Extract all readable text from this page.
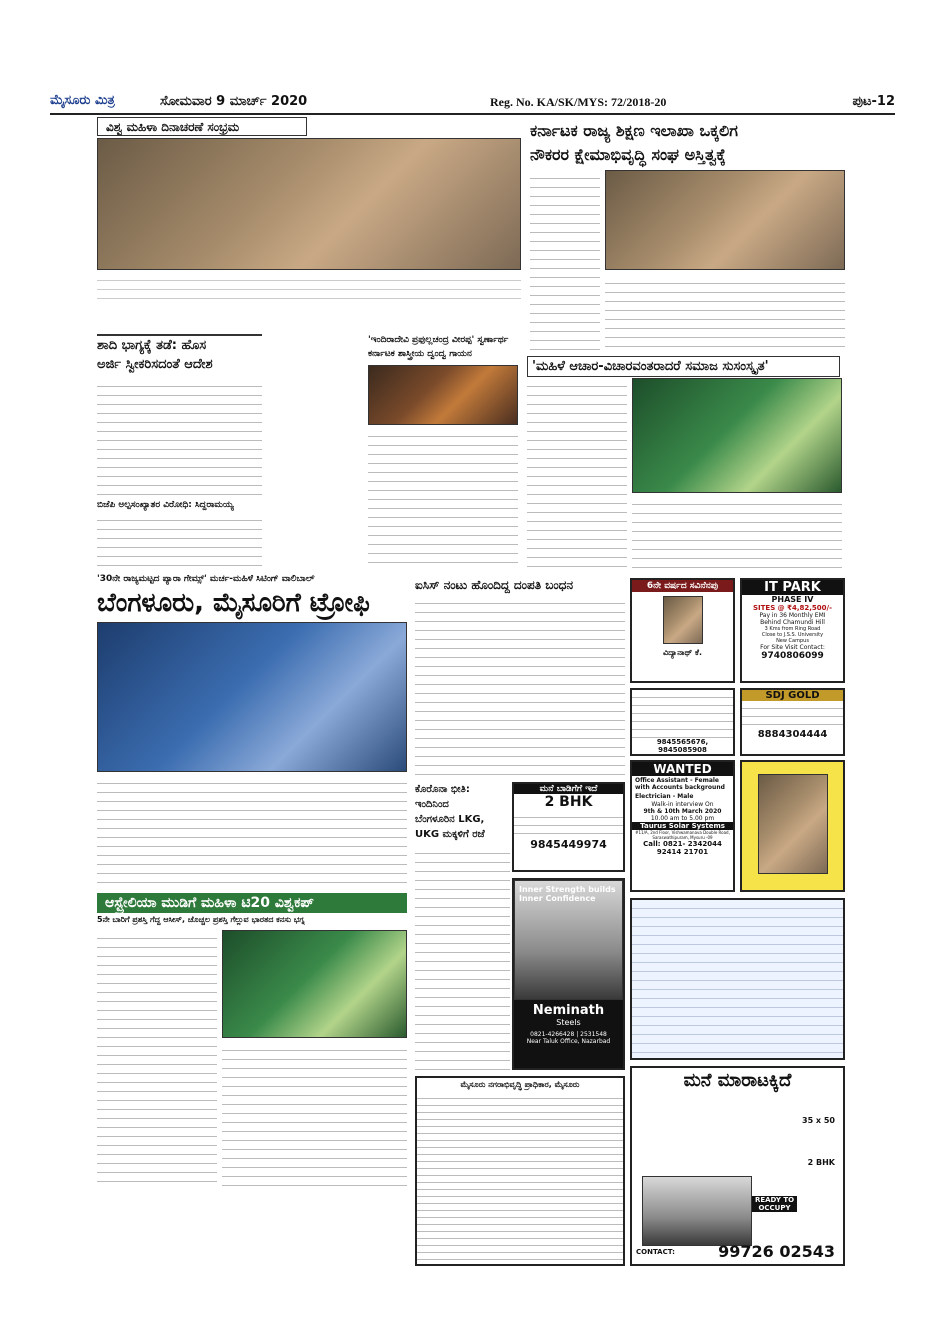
ಮೈಸೂರು ಮಿತ್ರ	ಸೋಮವಾರ 9 ಮಾರ್ಚ್ 2020	Reg. No. KA/SK/MYS: 72/2018-20	ಪುಟ-12
ವಿಶ್ವ ಮಹಿಳಾ ದಿನಾಚರಣೆ ಸಂಭ್ರಮ	ಕರ್ನಾಟಕ ರಾಜ್ಯ ಶಿಕ್ಷಣ ಇಲಾಖಾ ಒಕ್ಕಲಿಗ
ನೌಕರರ ಕ್ಷೇಮಾಭಿವೃದ್ಧಿ ಸಂಘ ಅಸ್ತಿತ್ವಕ್ಕೆ
ಶಾದಿ ಭಾಗ್ಯಕ್ಕೆ ತಡೆ: ಹೊಸ
ಅರ್ಜಿ ಸ್ವೀಕರಿಸದಂತೆ ಆದೇಶ
ಬಿಜೆಪಿ ಅಲ್ಪಸಂಖ್ಯಾತರ ವಿರೋಧಿ: ಸಿದ್ದರಾಮಯ್ಯ
'ಇಂದಿರಾದೇವಿ ಪ್ರಫುಲ್ಲಚಂದ್ರ ವೀರಪ್ಪ' ಸ್ವರ್ಣಾರ್ಥ
ಕರ್ನಾಟಕ ಶಾಸ್ತ್ರೀಯ ದ್ವಂದ್ವ ಗಾಯನ
'ಮಹಿಳೆ ಆಚಾರ-ವಿಚಾರವಂತರಾದರೆ ಸಮಾಜ ಸುಸಂಸ್ಕೃತ'
'30ನೇ ರಾಜ್ಯಮಟ್ಟದ ಪ್ಯಾರಾ ಗೇಮ್ಸ್' ಮರ್ಚ-ಮಹಿಳೆ ಸಿಟಿಂಗ್ ವಾಲಿಬಾಲ್
ಬೆಂಗಳೂರು, ಮೈಸೂರಿಗೆ ಟ್ರೋಫಿ
ಐಸಿಸ್ ನಂಟು ಹೊಂದಿದ್ದ ದಂಪತಿ ಬಂಧನ
ಕೊರೊನಾ ಭೀತಿ:
ಇಂದಿನಿಂದ
ಬೆಂಗಳೂರಿನ LKG,
UKG ಮಕ್ಕಳಿಗೆ ರಜೆ
ಆಸ್ಟ್ರೇಲಿಯಾ ಮುಡಿಗೆ ಮಹಿಳಾ ಟಿ20 ವಿಶ್ವಕಪ್
5ನೇ ಬಾರಿಗೆ ಪ್ರಶಸ್ತಿ ಗೆದ್ದ ಆಸೀಸ್, ಚೊಚ್ಚಲ ಪ್ರಶಸ್ತಿ ಗೆಲ್ಲುವ ಭಾರತದ ಕನಸು ಭಗ್ನ
6ನೇ ವರ್ಷದ ಸವಿನೆನಪು
ವಿದ್ಯಾನಾಥ್ ಕೆ.
IT PARK
PHASE IV
SITES @ ₹4,82,500/-
Pay in 36 Monthly EMI
Behind Chamundi Hill
3 Kms from Ring Road
Close to J.S.S. University
New Campus
For Site Visit Contact:
9740806099
9845565676, 9845085908
SDJ GOLD
8884304444
ಮನೆ ಬಾಡಿಗೆಗೆ ಇದೆ
2 BHK
9845449974
WANTED
Office Assistant - Female with Accounts background
Electrician - Male
Walk-in interview On
9th & 10th March 2020
10.00 am to 5.00 pm
Taurus Solar Systems
#11/A, 2nd Floor, Vishwamanava Double Road, Saraswathipuram, Mysuru -09
Call: 0821- 2342044
92414 21701
Inner Strength builds
Inner Confidence
Neminath
Steels
0821-4266428 | 2531548
Near Taluk Office, Nazarbad
ಮೈಸೂರು ನಗರಾಭಿವೃದ್ಧಿ ಪ್ರಾಧಿಕಾರ, ಮೈಸೂರು	ಮನೆ ಮಾರಾಟಕ್ಕಿದೆ
35 x 50
2 BHK
READY TO OCCUPY
CONTACT:	99726 02543
